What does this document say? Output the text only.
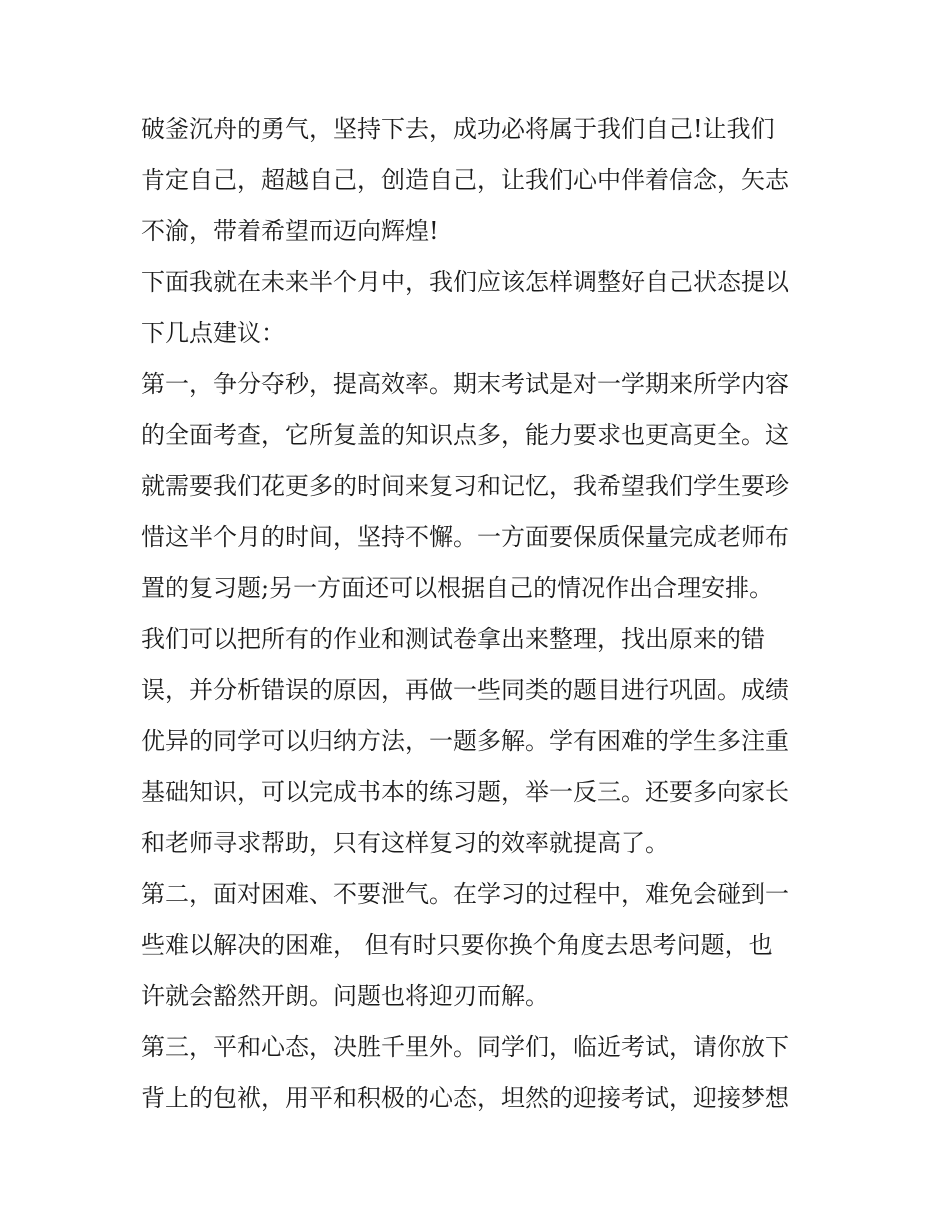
破釜沉舟的勇气，坚持下去，成功必将属于我们自己!让我们
肯定自己，超越自己，创造自己，让我们心中伴着信念，矢志
不渝，带着希望而迈向辉煌!
下面我就在未来半个月中，我们应该怎样调整好自己状态提以
下几点建议：
第一，争分夺秒，提高效率。期末考试是对一学期来所学内容
的全面考查，它所复盖的知识点多，能力要求也更高更全。这
就需要我们花更多的时间来复习和记忆，我希望我们学生要珍
惜这半个月的时间，坚持不懈。一方面要保质保量完成老师布
置的复习题;另一方面还可以根据自己的情况作出合理安排。
我们可以把所有的作业和测试卷拿出来整理，找出原来的错
误，并分析错误的原因，再做一些同类的题目进行巩固。成绩
优异的同学可以归纳方法，一题多解。学有困难的学生多注重
基础知识，可以完成书本的练习题，举一反三。还要多向家长
和老师寻求帮助，只有这样复习的效率就提高了。
第二，面对困难、不要泄气。在学习的过程中，难免会碰到一
些难以解决的困难， 但有时只要你换个角度去思考问题，也
许就会豁然开朗。问题也将迎刃而解。
第三，平和心态，决胜千里外。同学们，临近考试，请你放下
背上的包袱，用平和积极的心态，坦然的迎接考试，迎接梦想
